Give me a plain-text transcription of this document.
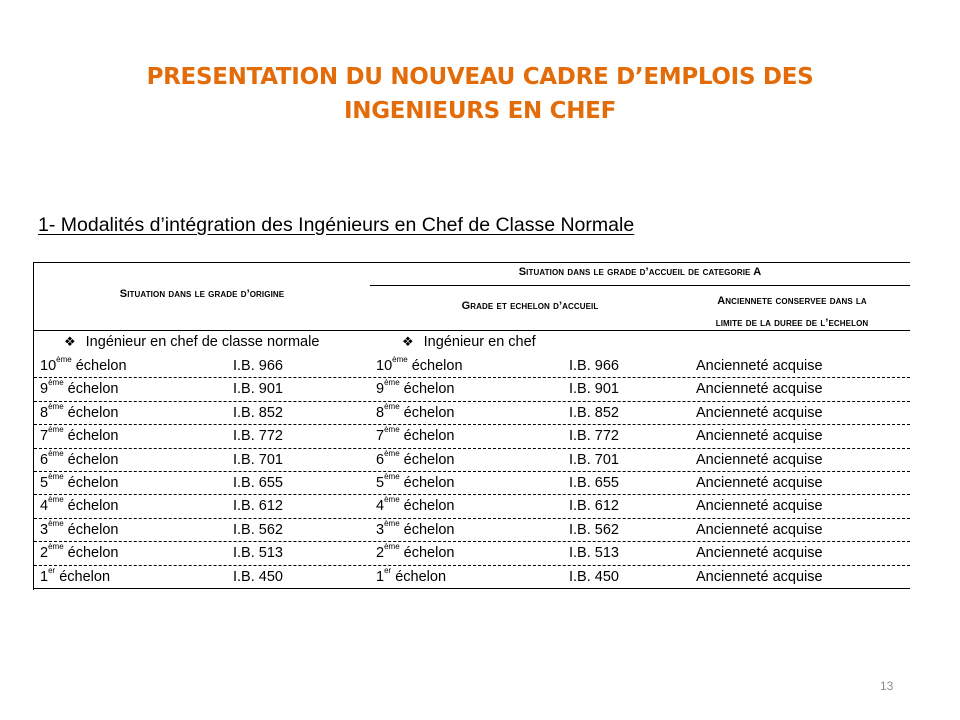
PRESENTATION DU NOUVEAU CADRE D’EMPLOIS DES
INGENIEURS EN CHEF
1- Modalités d’intégration des Ingénieurs en Chef de Classe Normale
Situation dans le grade d’origine
Situation dans le grade d’accueil de categorie A
Grade et echelon d’accueil	Anciennete conservee dans la
limite de la duree de l’echelon
❖ Ingénieur en chef de classe normale	❖ Ingénieur en chef
10ème échelon	I.B. 966	10ème échelon	I.B. 966	Ancienneté acquise
9ème échelon	I.B. 901	9ème échelon	I.B. 901	Ancienneté acquise
8ème échelon	I.B. 852	8ème échelon	I.B. 852	Ancienneté acquise
7ème échelon	I.B. 772	7ème échelon	I.B. 772	Ancienneté acquise
6ème échelon	I.B. 701	6ème échelon	I.B. 701	Ancienneté acquise
5ème échelon	I.B. 655	5ème échelon	I.B. 655	Ancienneté acquise
4ème échelon	I.B. 612	4ème échelon	I.B. 612	Ancienneté acquise
3ème échelon	I.B. 562	3ème échelon	I.B. 562	Ancienneté acquise
2ème échelon	I.B. 513	2ème échelon	I.B. 513	Ancienneté acquise
1er échelon	I.B. 450	1er échelon	I.B. 450	Ancienneté acquise
13
